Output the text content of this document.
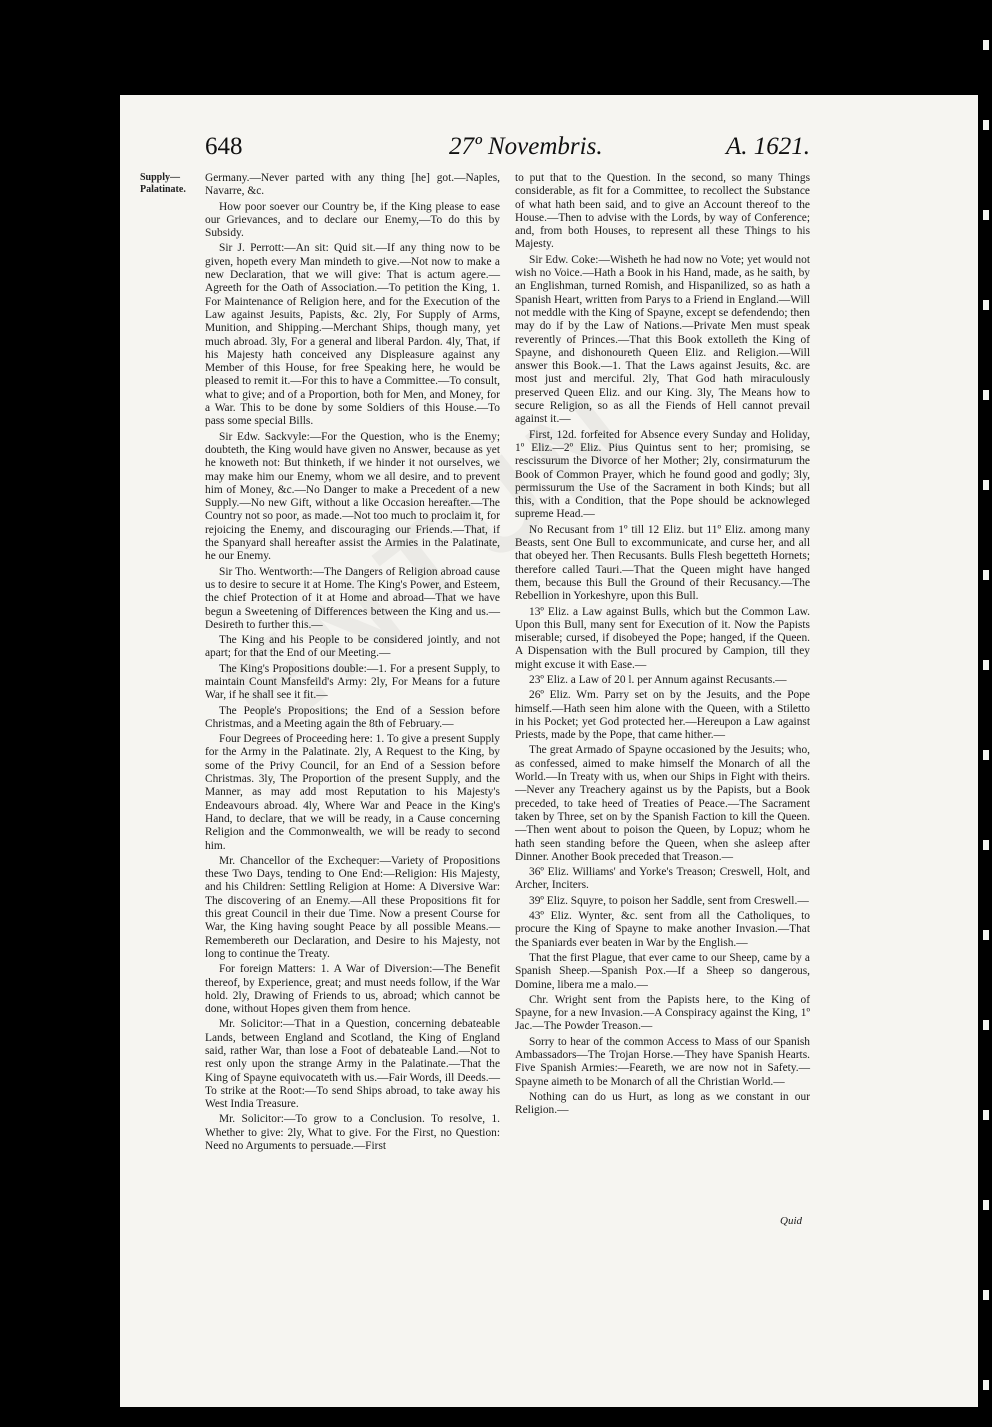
648	27º Novembris.	A. 1621.
Supply—Palatinate.

Germany.—Never parted with any thing [he] got.—Naples, Navarre, &c.

How poor soever our Country be, if the King please to ease our Grievances, and to declare our Enemy,—To do this by Subsidy.

Sir J. Perrott:—An sit: Quid sit.—If any thing now to be given, hopeth every Man mindeth to give.—Not now to make a new Declaration, that we will give: That is actum agere.—Agreeth for the Oath of Association.—To petition the King, 1. For Maintenance of Religion here, and for the Execution of the Law against Jesuits, Papists, &c. 2ly, For Supply of Arms, Munition, and Shipping.—Merchant Ships, though many, yet much abroad. 3ly, For a general and liberal Pardon. 4ly, That, if his Majesty hath conceived any Displeasure against any Member of this House, for free Speaking here, he would be pleased to remit it.—For this to have a Committee.—To consult, what to give; and of a Proportion, both for Men, and Money, for a War. This to be done by some Soldiers of this House.—To pass some special Bills.

Sir Edw. Sackvyle:—For the Question, who is the Enemy; doubteth, the King would have given no Answer, because as yet he knoweth not: But thinketh, if we hinder it not ourselves, we may make him our Enemy, whom we all desire, and to prevent him of Money, &c.—No Danger to make a Precedent of a new Supply.—No new Gift, without a like Occasion hereafter.—The Country not so poor, as made.—Not too much to proclaim it, for rejoicing the Enemy, and discouraging our Friends.—That, if the Spanyard shall hereafter assist the Armies in the Palatinate, he our Enemy.

Sir Tho. Wentworth:—The Dangers of Religion abroad cause us to desire to secure it at Home. The King's Power, and Esteem, the chief Protection of it at Home and abroad—That we have begun a Sweetening of Differences between the King and us.—Desireth to further this.—

The King and his People to be considered jointly, and not apart; for that the End of our Meeting.—

The King's Propositions double:—1. For a present Supply, to maintain Count Mansfeild's Army: 2ly, For Means for a future War, if he shall see it fit.—

The People's Propositions; the End of a Session before Christmas, and a Meeting again the 8th of February.—

Four Degrees of Proceeding here: 1. To give a present Supply for the Army in the Palatinate. 2ly, A Request to the King, by some of the Privy Council, for an End of a Session before Christmas. 3ly, The Proportion of the present Supply, and the Manner, as may add most Reputation to his Majesty's Endeavours abroad. 4ly, Where War and Peace in the King's Hand, to declare, that we will be ready, in a Cause concerning Religion and the Commonwealth, we will be ready to second him.

Mr. Chancellor of the Exchequer:—Variety of Propositions these Two Days, tending to One End:—Religion: His Majesty, and his Children: Settling Religion at Home: A Diversive War: The discovering of an Enemy.—All these Propositions fit for this great Council in their due Time. Now a present Course for War, the King having sought Peace by all possible Means.—Remembereth our Declaration, and Desire to his Majesty, not long to continue the Treaty.

For foreign Matters: 1. A War of Diversion:—The Benefit thereof, by Experience, great; and must needs follow, if the War hold. 2ly, Drawing of Friends to us, abroad; which cannot be done, without Hopes given them from hence.

Mr. Solicitor:—That in a Question, concerning debateable Lands, between England and Scotland, the King of England said, rather War, than lose a Foot of debateable Land.—Not to rest only upon the strange Army in the Palatinate.—That the King of Spayne equivocateth with us.—Fair Words, ill Deeds.—To strike at the Root:—To send Ships abroad, to take away his West India Treasure.

Mr. Solicitor:—To grow to a Conclusion. To resolve, 1. Whether to give: 2ly, What to give. For the First, no Question: Need no Arguments to persuade.—First

to put that to the Question. In the second, so many Things considerable, as fit for a Committee, to recollect the Substance of what hath been said, and to give an Account thereof to the House.—Then to advise with the Lords, by way of Conference; and, from both Houses, to represent all these Things to his Majesty.

Sir Edw. Coke:—Wisheth he had now no Vote; yet would not wish no Voice.—Hath a Book in his Hand, made, as he saith, by an Englishman, turned Romish, and Hispanilized, so as hath a Spanish Heart, written from Parys to a Friend in England.—Will not meddle with the King of Spayne, except se defendendo; then may do if by the Law of Nations.—Private Men must speak reverently of Princes.—That this Book extolleth the King of Spayne, and dishonoureth Queen Eliz. and Religion.—Will answer this Book.—1. That the Laws against Jesuits, &c. are most just and merciful. 2ly, That God hath miraculously preserved Queen Eliz. and our King. 3ly, The Means how to secure Religion, so as all the Fiends of Hell cannot prevail against it.—

First, 12d. forfeited for Absence every Sunday and Holiday, 1º Eliz.—2º Eliz. Pius Quintus sent to her; promising, se rescissurum the Divorce of her Mother; 2ly, consirmaturum the Book of Common Prayer, which he found good and godly; 3ly, permissurum the Use of the Sacrament in both Kinds; but all this, with a Condition, that the Pope should be acknowleged supreme Head.—

No Recusant from 1º till 12 Eliz. but 11º Eliz. among many Beasts, sent One Bull to excommunicate, and curse her, and all that obeyed her. Then Recusants. Bulls Flesh begetteth Hornets; therefore called Tauri.—That the Queen might have hanged them, because this Bull the Ground of their Recusancy.—The Rebellion in Yorkeshyre, upon this Bull.

13º Eliz. a Law against Bulls, which but the Common Law. Upon this Bull, many sent for Execution of it. Now the Papists miserable; cursed, if disobeyed the Pope; hanged, if the Queen. A Dispensation with the Bull procured by Campion, till they might excuse it with Ease.—

23º Eliz. a Law of 20 l. per Annum against Recusants.—

26º Eliz. Wm. Parry set on by the Jesuits, and the Pope himself.—Hath seen him alone with the Queen, with a Stiletto in his Pocket; yet God protected her.—Hereupon a Law against Priests, made by the Pope, that came hither.—

The great Armado of Spayne occasioned by the Jesuits; who, as confessed, aimed to make himself the Monarch of all the World.—In Treaty with us, when our Ships in Fight with theirs.—Never any Treachery against us by the Papists, but a Book preceded, to take heed of Treaties of Peace.—The Sacrament taken by Three, set on by the Spanish Faction to kill the Queen.—Then went about to poison the Queen, by Lopuz; whom he hath seen standing before the Queen, when she asleep after Dinner. Another Book preceded that Treason.—

36º Eliz. Williams' and Yorke's Treason; Creswell, Holt, and Archer, Inciters.

39º Eliz. Squyre, to poison her Saddle, sent from Creswell.—

43º Eliz. Wynter, &c. sent from all the Catholiques, to procure the King of Spayne to make another Invasion.—That the Spaniards ever beaten in War by the English.—

That the first Plague, that ever came to our Sheep, came by a Spanish Sheep.—Spanish Pox.—If a Sheep so dangerous, Domine, libera me a malo.—

Chr. Wright sent from the Papists here, to the King of Spayne, for a new Invasion.—A Conspiracy against the King, 1º Jac.—The Powder Treason.—

Sorry to hear of the common Access to Mass of our Spanish Ambassadors—The Trojan Horse.—They have Spanish Hearts. Five Spanish Armies:—Feareth, we are now not in Safety.—Spayne aimeth to be Monarch of all the Christian World.—

Nothing can do us Hurt, as long as we constant in our Religion.—

Quid
